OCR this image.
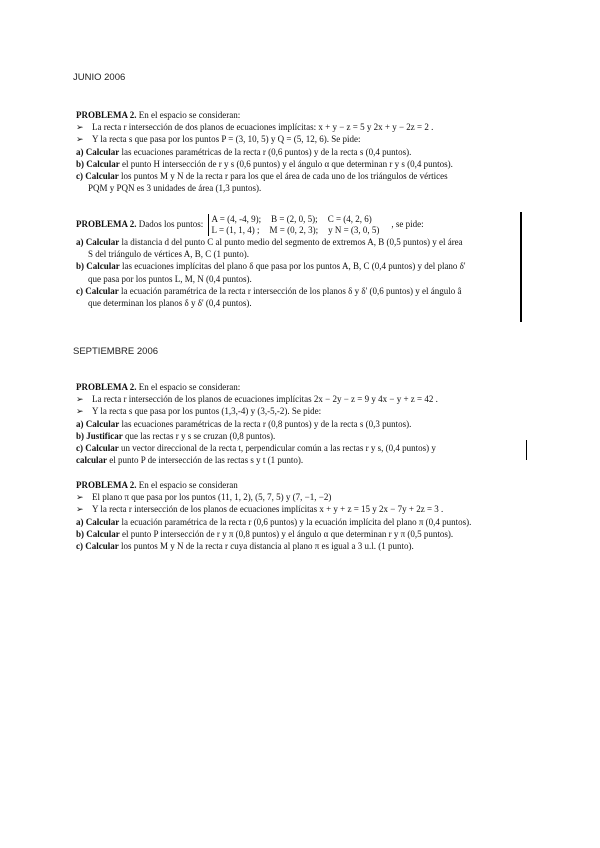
JUNIO 2006
PROBLEMA 2. En el espacio se consideran:
➢ La recta r intersección de dos planos de ecuaciones implícitas: x + y − z = 5 y 2x + y − 2z = 2 .
➢ Y la recta s que pasa por los puntos P = (3, 10, 5) y Q = (5, 12, 6). Se pide:
a) Calcular las ecuaciones paramétricas de la recta r (0,6 puntos) y de la recta s (0,4 puntos).
b) Calcular el punto H intersección de r y s (0,6 puntos) y el ángulo α que determinan r y s (0,4 puntos).
c) Calcular los puntos M y N de la recta r para los que el área de cada uno de los triángulos de vértices
PQM y PQN es 3 unidades de área (1,3 puntos).
PROBLEMA 2. Dados los puntos:
A = (4, -4, 9); B = (2, 0, 5); C = (4, 2, 6)
L = (1, 1, 4) ; M = (0, 2, 3); y N = (3, 0, 5)
, se pide:
a) Calcular la distancia d del punto C al punto medio del segmento de extremos A, B (0,5 puntos) y el área
S del triángulo de vértices A, B, C (1 punto).
b) Calcular las ecuaciones implícitas del plano δ que pasa por los puntos A, B, C (0,4 puntos) y del plano δ'
que pasa por los puntos L, M, N (0,4 puntos).
c) Calcular la ecuación paramétrica de la recta r intersección de los planos δ y δ' (0,6 puntos) y el ángulo â
que determinan los planos δ y δ' (0,4 puntos).
SEPTIEMBRE 2006
PROBLEMA 2. En el espacio se consideran:
➢ La recta r intersección de los planos de ecuaciones implícitas 2x − 2y − z = 9 y 4x − y + z = 42 .
➢ Y la recta s que pasa por los puntos (1,3,-4) y (3,-5,-2). Se pide:
a) Calcular las ecuaciones paramétricas de la recta r (0,8 puntos) y de la recta s (0,3 puntos).
b) Justificar que las rectas r y s se cruzan (0,8 puntos).
c) Calcular un vector direccional de la recta t, perpendicular común a las rectas r y s, (0,4 puntos) y
calcular el punto P de intersección de las rectas s y t (1 punto).
PROBLEMA 2. En el espacio se consideran
➢ El plano π que pasa por los puntos (11, 1, 2), (5, 7, 5) y (7, −1, −2)
➢ Y la recta r intersección de los planos de ecuaciones implícitas x + y + z = 15 y 2x − 7y + 2z = 3 .
a) Calcular la ecuación paramétrica de la recta r (0,6 puntos) y la ecuación implícita del plano π (0,4 puntos).
b) Calcular el punto P intersección de r y π (0,8 puntos) y el ángulo α que determinan r y π (0,5 puntos).
c) Calcular los puntos M y N de la recta r cuya distancia al plano π es igual a 3 u.l. (1 punto).
